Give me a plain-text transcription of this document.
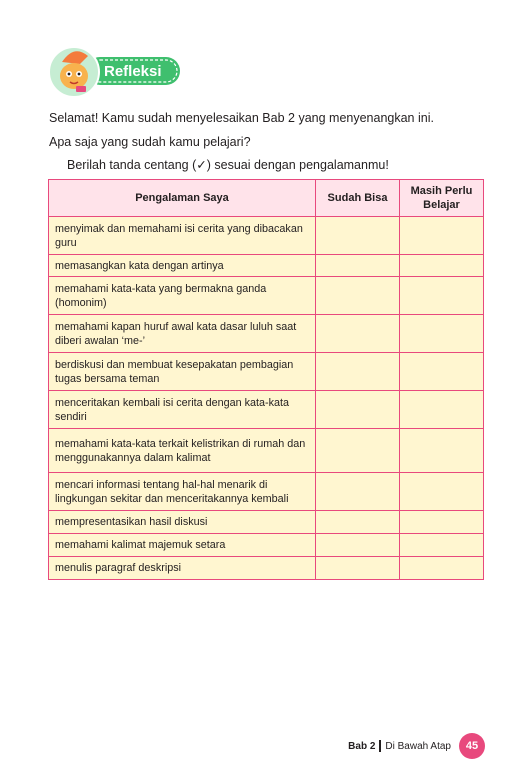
Refleksi
Selamat! Kamu sudah menyelesaikan Bab 2 yang menyenangkan ini.
Apa saja yang sudah kamu pelajari?
Berilah tanda centang (✓) sesuai dengan pengalamanmu!
Pengalaman Saya	Sudah Bisa	Masih Perlu Belajar
menyimak dan memahami isi cerita yang dibacakan guru		
memasangkan kata dengan artinya		
memahami kata-kata yang bermakna ganda (homonim)		
memahami kapan huruf awal kata dasar luluh saat diberi awalan ‘me-’		
berdiskusi dan membuat kesepakatan pembagian tugas bersama teman		
menceritakan kembali isi cerita dengan kata-kata sendiri		
memahami kata-kata terkait kelistrikan di rumah dan menggunakannya dalam kalimat		
mencari informasi tentang hal-hal menarik di lingkungan sekitar dan menceritakannya kembali		
mempresentasikan hasil diskusi		
memahami kalimat majemuk setara		
menulis paragraf deskripsi		
Bab 2 Di Bawah Atap	45
